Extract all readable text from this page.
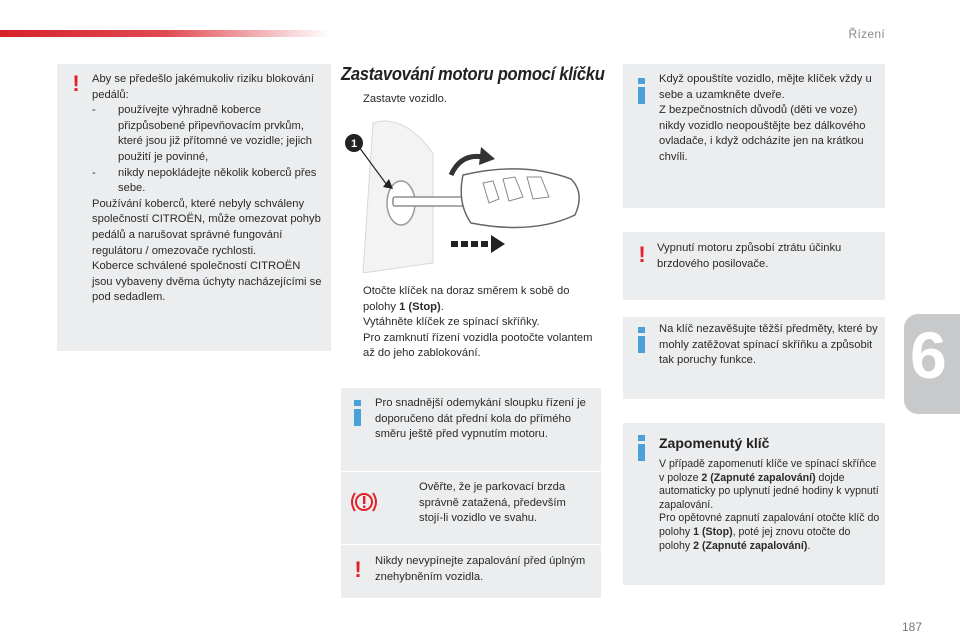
Řízení
6
! Aby se předešlo jakémukoliv riziku blokování pedálů:

- používejte výhradně koberce přizpůsobené připevňovacím prvkům, které jsou již přítomné ve vozidle; jejich použití je povinné,
- nikdy nepokládejte několik koberců přes sebe.

Používání koberců, které nebyly schváleny společností CITROËN, může omezovat pohyb pedálů a narušovat správné fungování regulátoru / omezovače rychlosti.

Koberce schválené společností CITROËN jsou vybaveny dvěma úchyty nacházejícími se pod sedadlem.

Zastavování motoru pomocí klíčku
Zastavte vozidlo.
1
Otočte klíček na doraz směrem k sobě do polohy 1 (Stop).
Vytáhněte klíček ze spínací skříňky.
Pro zamknutí řízení vozidla pootočte volantem až do jeho zablokování.
Pro snadnější odemykání sloupku řízení je doporučeno dát přední kola do přímého směru ještě před vypnutím motoru.
Ověřte, že je parkovací brzda správně zatažená, především stojí-li vozidlo ve svahu.
! Nikdy nevypínejte zapalování před úplným znehybněním vozidla.

Když opouštíte vozidlo, mějte klíček vždy u sebe a uzamkněte dveře.

Z bezpečnostních důvodů (děti ve voze) nikdy vozidlo neopouštějte bez dálkového ovladače, i když odcházíte jen na krátkou chvíli.

! Vypnutí motoru způsobí ztrátu účinku brzdového posilovače.
Na klíč nezavěšujte těžší předměty, které by mohly zatěžovat spínací skříňku a způsobit tak poruchy funkce.
Zapomenutý klíč

V případě zapomenutí klíče ve spínací skříňce v poloze 2 (Zapnuté zapalování) dojde automaticky po uplynutí jedné hodiny k vypnutí zapalování.

Pro opětovné zapnutí zapalování otočte klíč do polohy 1 (Stop), poté jej znovu otočte do polohy 2 (Zapnuté zapalování).

187
